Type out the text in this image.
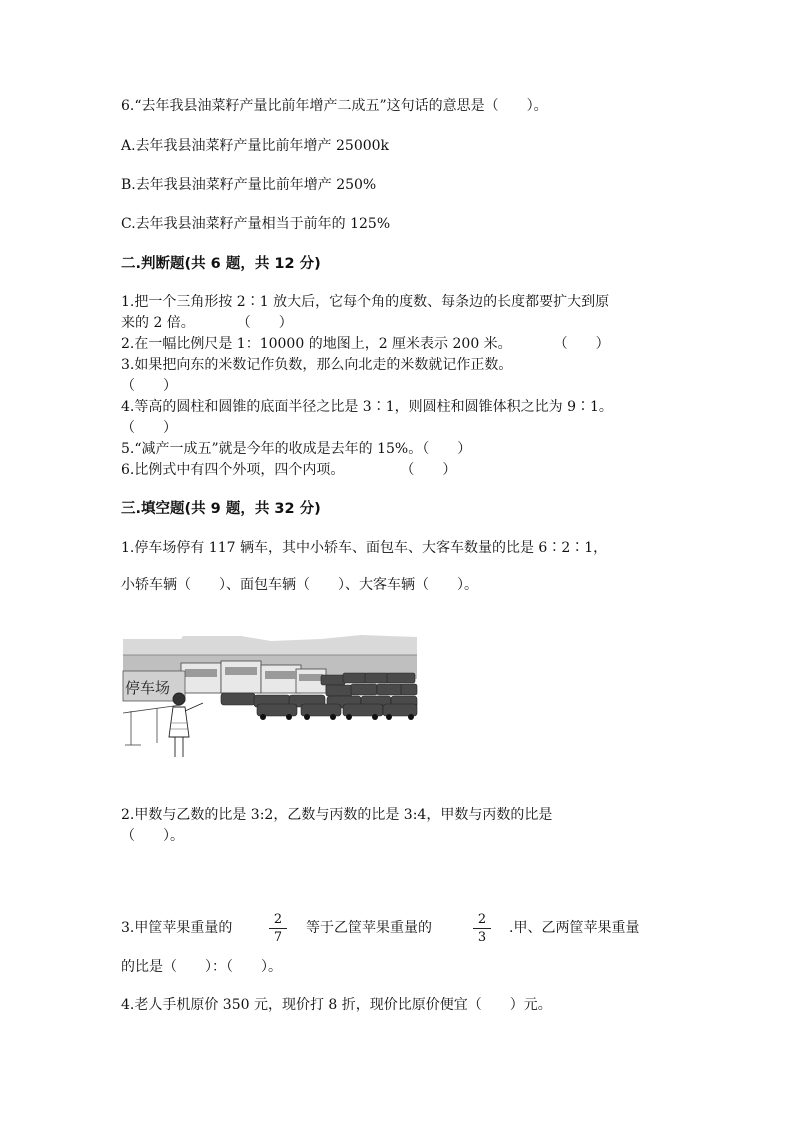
6.“去年我县油菜籽产量比前年增产二成五”这句话的意思是（　　）。
A.去年我县油菜籽产量比前年增产 25000k
B.去年我县油菜籽产量比前年增产 250%
C.去年我县油菜籽产量相当于前年的 125%
二.判断题(共 6 题，共 12 分)
1.把一个三角形按 2∶1 放大后，它每个角的度数、每条边的长度都要扩大到原
来的 2 倍。　　　　（　　）
2.在一幅比例尺是 1：10000 的地图上，2 厘米表示 200 米。　　　　（　　）
3.如果把向东的米数记作负数，那么向北走的米数就记作正数。
（　　）
4.等高的圆柱和圆锥的底面半径之比是 3∶1，则圆柱和圆锥体积之比为 9∶1。
（　　）
5.“减产一成五”就是今年的收成是去年的 15%。（　　）
6.比例式中有四个外项，四个内项。　　　　　（　　）
三.填空题(共 9 题，共 32 分)
1.停车场停有 117 辆车，其中小轿车、面包车、大客车数量的比是 6∶2∶1，
小轿车辆（　　）、面包车辆（　　）、大客车辆（　　）。
停车场
2.甲数与乙数的比是 3:2，乙数与丙数的比是 3:4，甲数与丙数的比是
（　　）。
3.甲筐苹果重量的
2
7
等于乙筐苹果重量的
2
3
.甲、乙两筐苹果重量
的比是（　　）：（　　）。
4.老人手机原价 350 元，现价打 8 折，现价比原价便宜（　　）元。
